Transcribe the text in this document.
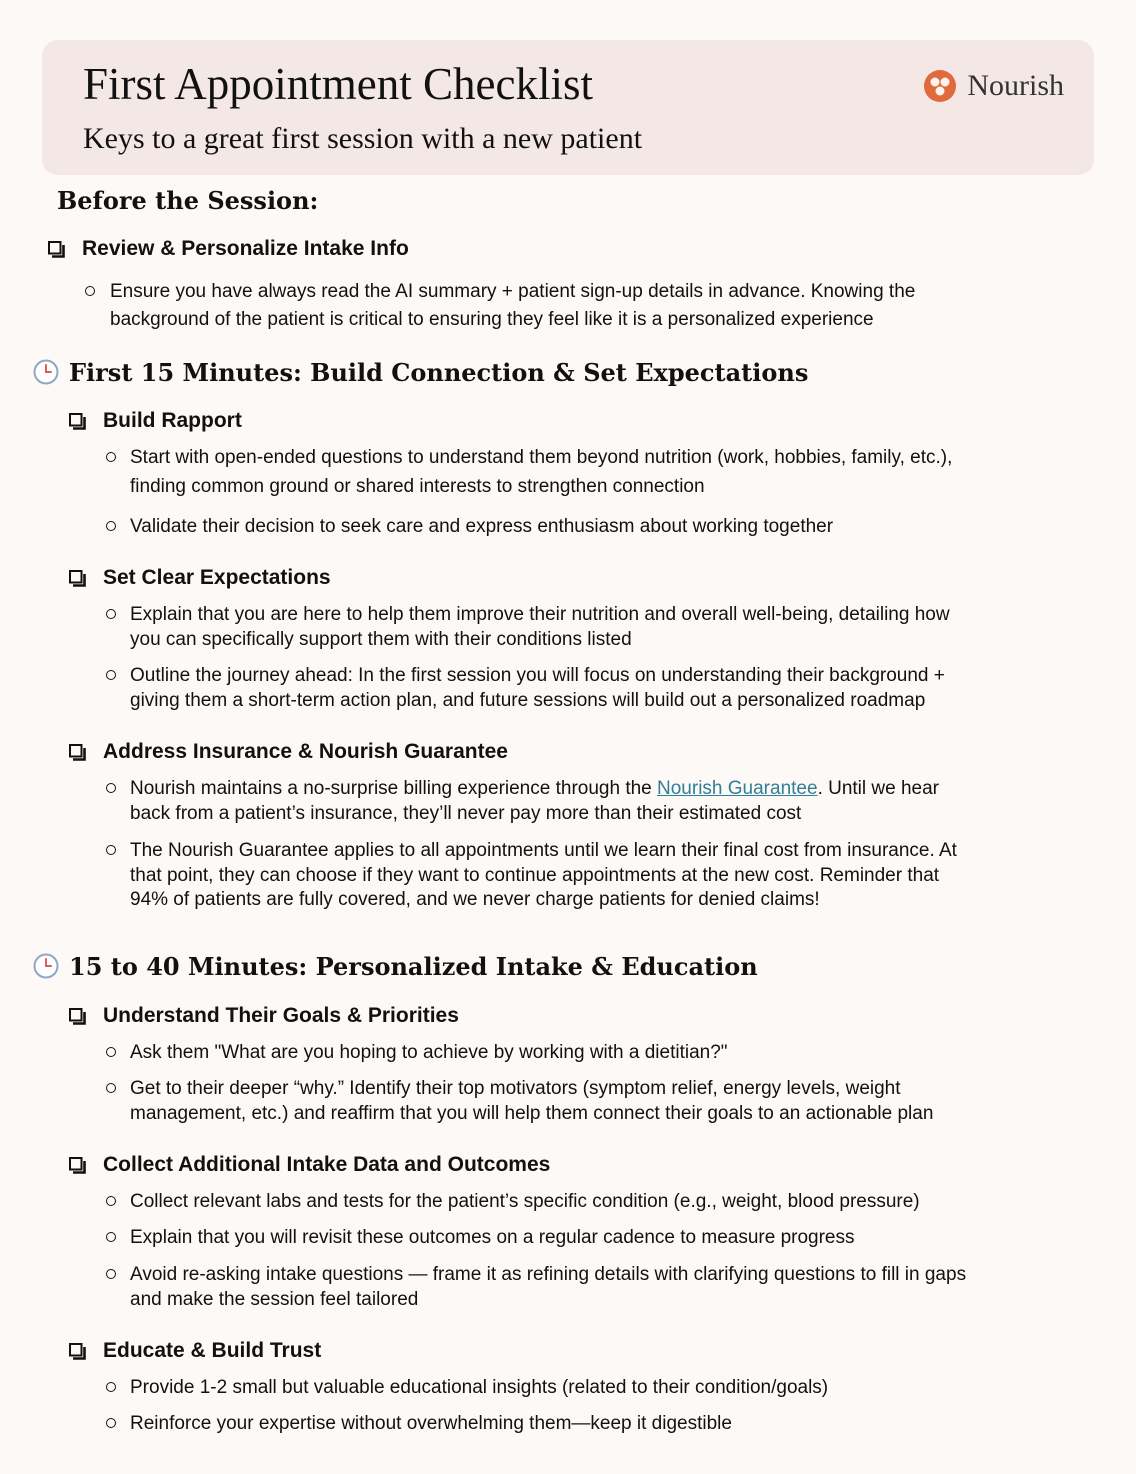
First Appointment Checklist
Keys to a great first session with a new patient
Nourish
Before the Session:
Review & Personalize Intake Info
Ensure you have always read the AI summary + patient sign-up details in advance. Knowing the
background of the patient is critical to ensuring they feel like it is a personalized experience
First 15 Minutes: Build Connection & Set Expectations
Build Rapport
Start with open-ended questions to understand them beyond nutrition (work, hobbies, family, etc.),
finding common ground or shared interests to strengthen connection
Validate their decision to seek care and express enthusiasm about working together
Set Clear Expectations
Explain that you are here to help them improve their nutrition and overall well-being, detailing how
you can specifically support them with their conditions listed
Outline the journey ahead: In the first session you will focus on understanding their background +
giving them a short-term action plan, and future sessions will build out a personalized roadmap
Address Insurance & Nourish Guarantee
Nourish maintains a no-surprise billing experience through the Nourish Guarantee. Until we hear
back from a patient’s insurance, they’ll never pay more than their estimated cost
The Nourish Guarantee applies to all appointments until we learn their final cost from insurance. At
that point, they can choose if they want to continue appointments at the new cost. Reminder that
94% of patients are fully covered, and we never charge patients for denied claims!
15 to 40 Minutes: Personalized Intake & Education
Understand Their Goals & Priorities
Ask them "What are you hoping to achieve by working with a dietitian?"
Get to their deeper “why.” Identify their top motivators (symptom relief, energy levels, weight
management, etc.) and reaffirm that you will help them connect their goals to an actionable plan
Collect Additional Intake Data and Outcomes
Collect relevant labs and tests for the patient’s specific condition (e.g., weight, blood pressure)
Explain that you will revisit these outcomes on a regular cadence to measure progress
Avoid re-asking intake questions — frame it as refining details with clarifying questions to fill in gaps
and make the session feel tailored
Educate & Build Trust
Provide 1-2 small but valuable educational insights (related to their condition/goals)
Reinforce your expertise without overwhelming them—keep it digestible
